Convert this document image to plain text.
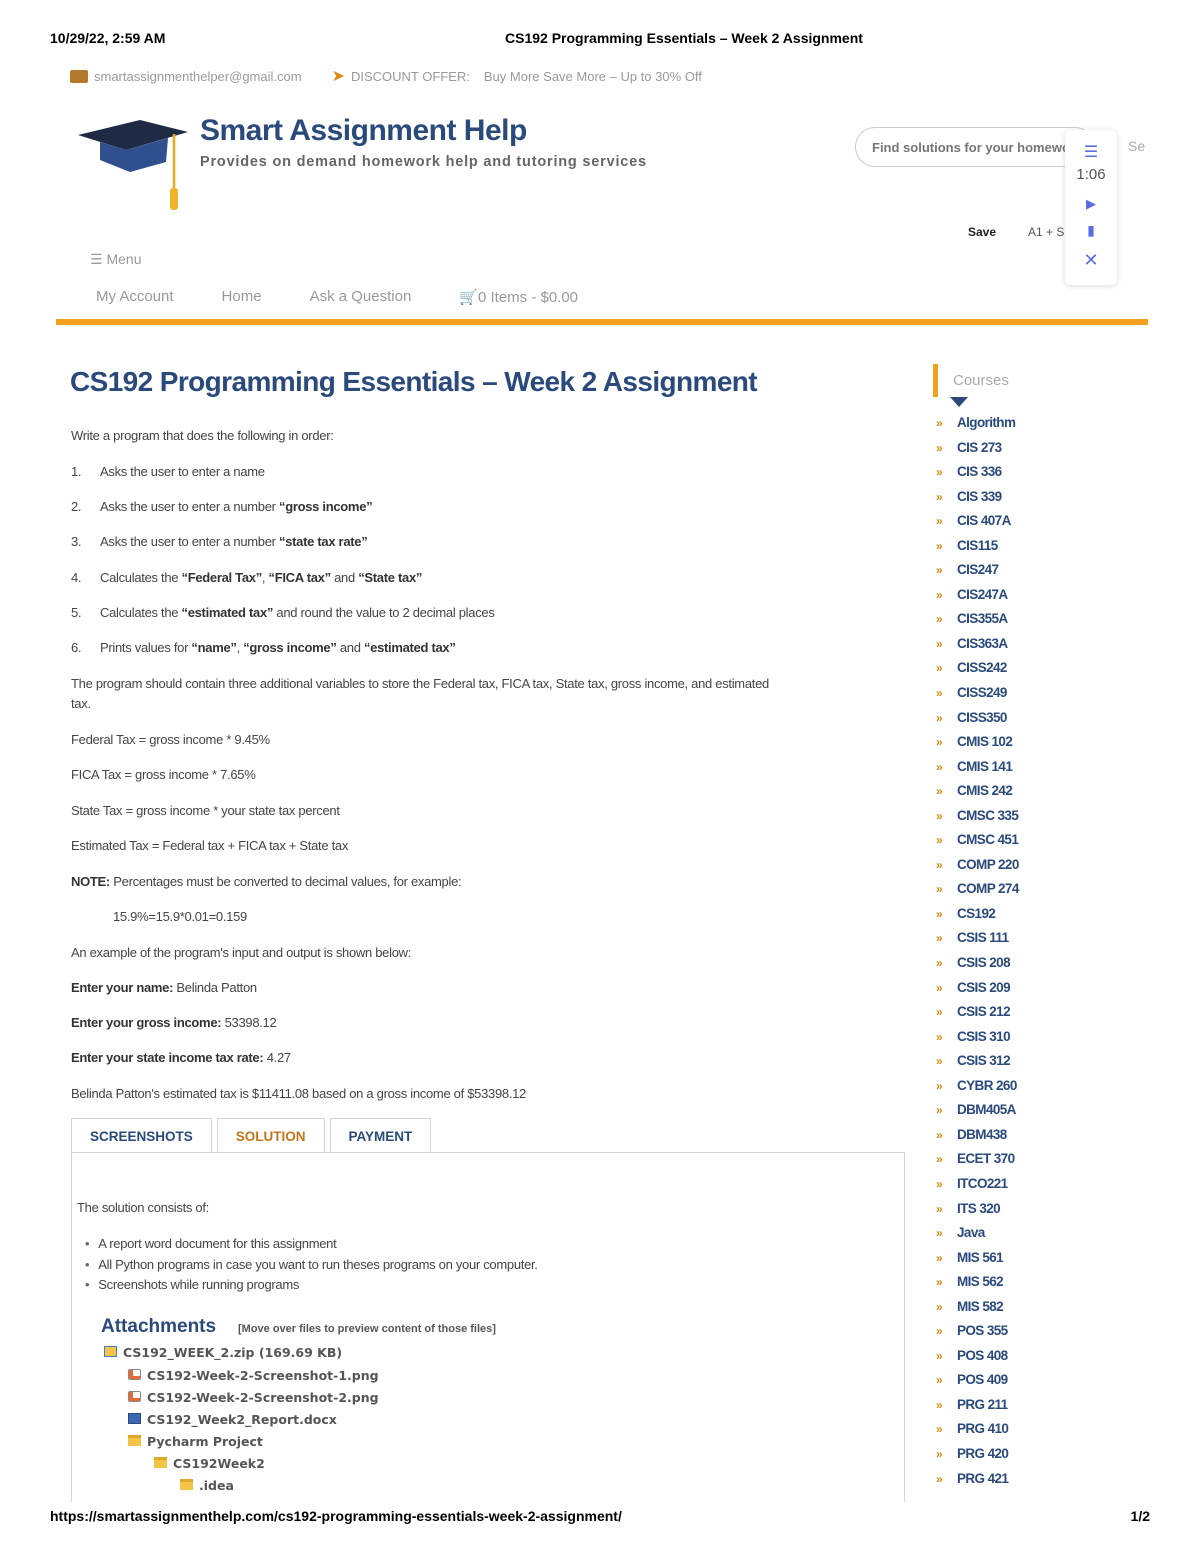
10/29/22, 2:59 AM	CS192 Programming Essentials – Week 2 Assignment
smartassignmenthelper@gmail.com ➤ DISCOUNT OFFER: Buy More Save More – Up to 30% Off
Smart Assignment Help
Provides on demand homework help and tutoring services
Find solutions for your homework
Se
☰
1:06
▶
▮
✕
Save	A1 + S
☰ Menu
My Account	Home	Ask a Question	🛒0 Items - $0.00
CS192 Programming Essentials – Week 2 Assignment

Write a program that does the following in order:

1. Asks the user to enter a name

2. Asks the user to enter a number “gross income”

3. Asks the user to enter a number “state tax rate”

4. Calculates the “Federal Tax”, “FICA tax” and “State tax”

5. Calculates the “estimated tax” and round the value to 2 decimal places

6. Prints values for “name”, “gross income” and “estimated tax”

The program should contain three additional variables to store the Federal tax, FICA tax, State tax, gross income, and estimated

tax.

Federal Tax = gross income * 9.45%

FICA Tax = gross income * 7.65%

State Tax = gross income * your state tax percent

Estimated Tax = Federal tax + FICA tax + State tax

NOTE: Percentages must be converted to decimal values, for example:

15.9%=15.9*0.01=0.159

An example of the program's input and output is shown below:

Enter your name: Belinda Patton

Enter your gross income: 53398.12

Enter your state income tax rate: 4.27

Belinda Patton's estimated tax is $11411.08 based on a gross income of $53398.12

SCREENSHOTS	SOLUTION	PAYMENT
The solution consists of:
• A report word document for this assignment
• All Python programs in case you want to run theses programs on your computer.
• Screenshots while running programs
Attachments [Move over files to preview content of those files]
CS192_WEEK_2.zip (169.69 KB)
CS192-Week-2-Screenshot-1.png
CS192-Week-2-Screenshot-2.png
CS192_Week2_Report.docx
Pycharm Project
CS192Week2
.idea
Courses
» Algorithm
» CIS 273
» CIS 336
» CIS 339
» CIS 407A
» CIS115
» CIS247
» CIS247A
» CIS355A
» CIS363A
» CISS242
» CISS249
» CISS350
» CMIS 102
» CMIS 141
» CMIS 242
» CMSC 335
» CMSC 451
» COMP 220
» COMP 274
» CS192
» CSIS 111
» CSIS 208
» CSIS 209
» CSIS 212
» CSIS 310
» CSIS 312
» CYBR 260
» DBM405A
» DBM438
» ECET 370
» ITCO221
» ITS 320
» Java
» MIS 561
» MIS 562
» MIS 582
» POS 355
» POS 408
» POS 409
» PRG 211
» PRG 410
» PRG 420
» PRG 421
https://smartassignmenthelp.com/cs192-programming-essentials-week-2-assignment/	1/2
